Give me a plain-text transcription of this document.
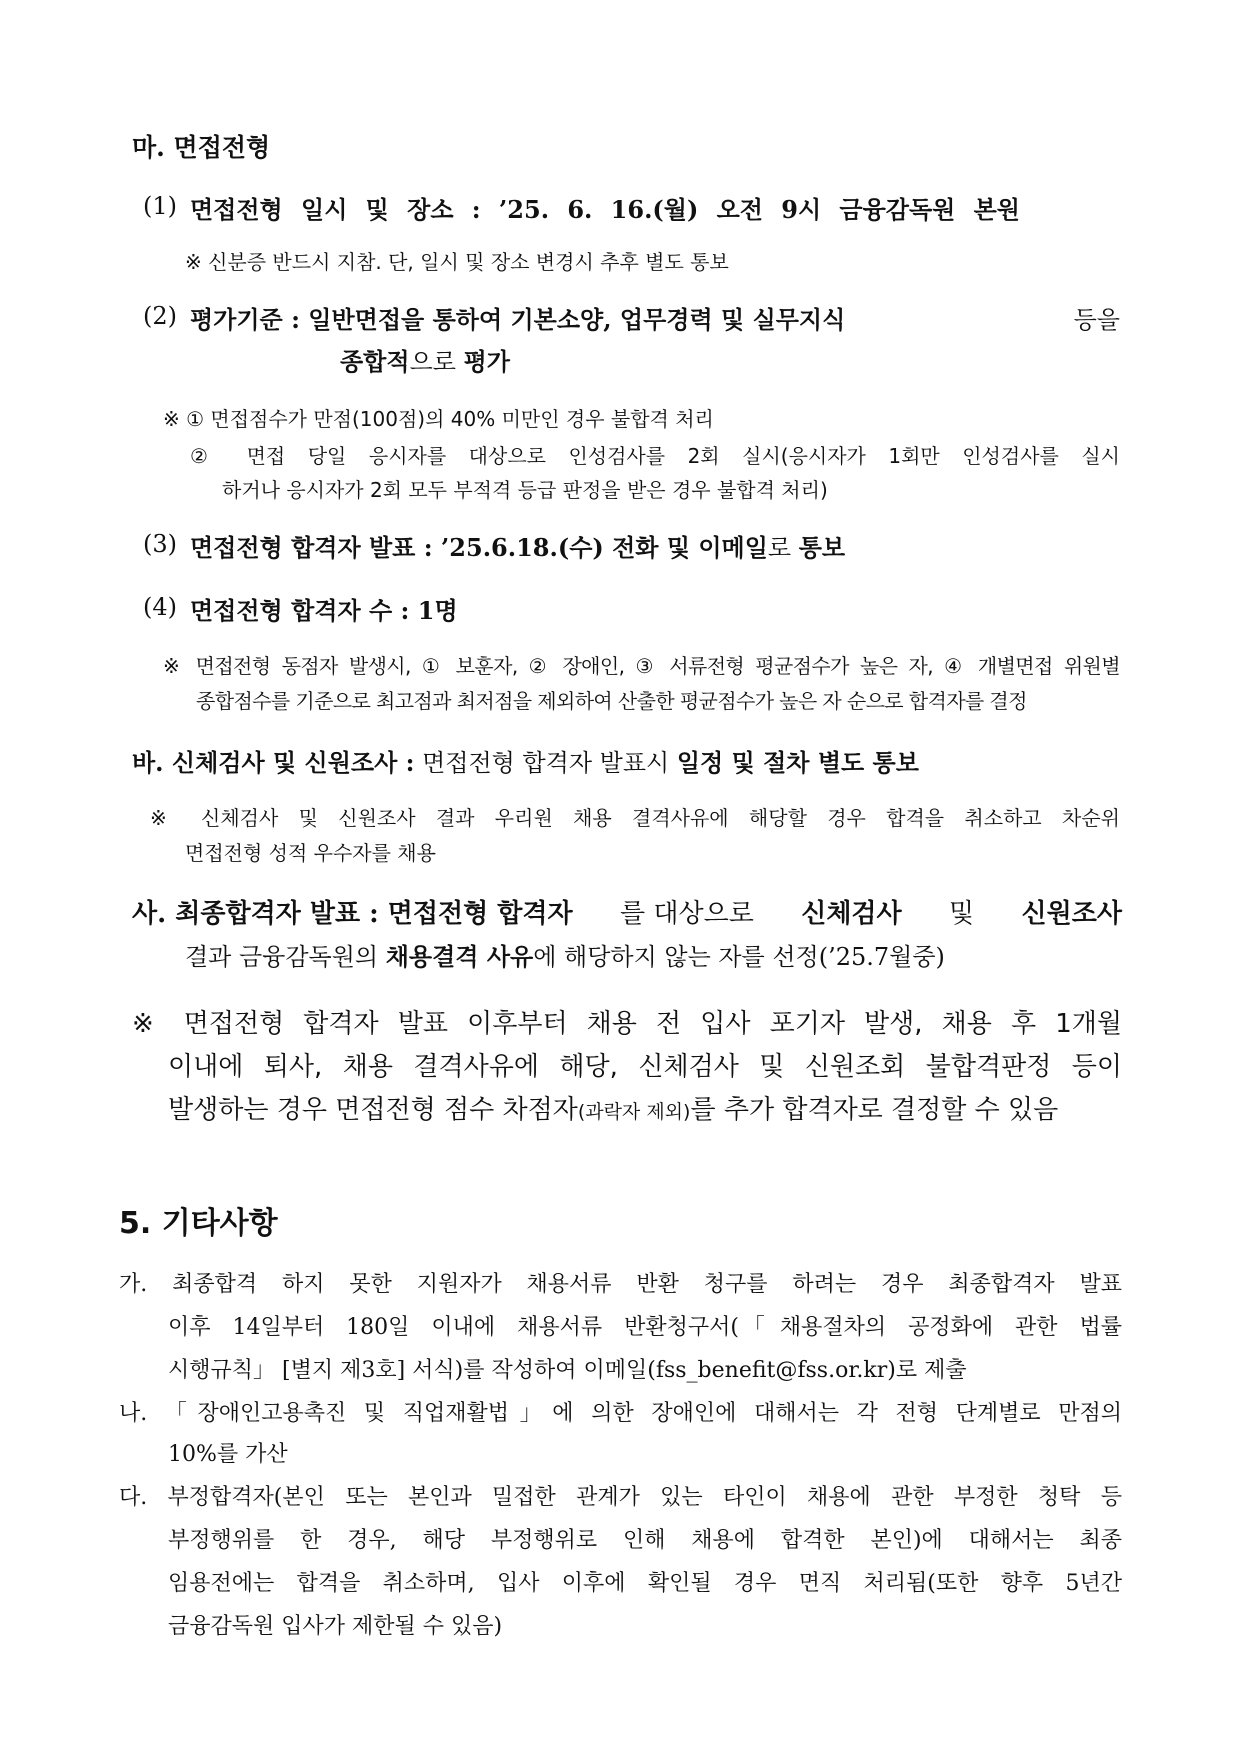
마. 면접전형
(1) 면접전형 일시 및 장소 : ’25. 6. 16.(월) 오전 9시 금융감독원 본원
※ 신분증 반드시 지참. 단, 일시 및 장소 변경시 추후 별도 통보
(2) 평가기준 : 일반면접을 통하여 기본소양, 업무경력 및 실무지식	등을
종합적으로 평가
※ ① 면접점수가 만점(100점)의 40% 미만인 경우 불합격 처리
② 면접 당일 응시자를 대상으로 인성검사를 2회 실시(응시자가 1회만 인성검사를 실시
하거나 응시자가 2회 모두 부적격 등급 판정을 받은 경우 불합격 처리)
(3) 면접전형 합격자 발표 : ’25.6.18.(수) 전화 및 이메일로 통보
(4) 면접전형 합격자 수 : 1명
※ 면접전형 동점자 발생시, ① 보훈자, ② 장애인, ③ 서류전형 평균점수가 높은 자, ④ 개별면접 위원별
종합점수를 기준으로 최고점과 최저점을 제외하여 산출한 평균점수가 높은 자 순으로 합격자를 결정
바. 신체검사 및 신원조사 : 면접전형 합격자 발표시 일정 및 절차 별도 통보
※ 신체검사 및 신원조사 결과 우리원 채용 결격사유에 해당할 경우 합격을 취소하고 차순위
면접전형 성적 우수자를 채용
사. 최종합격자 발표 : 면접전형 합격자 를 대상으로 신체검사 및 신원조사
결과 금융감독원의 채용결격 사유에 해당하지 않는 자를 선정(’25.7월중)
※ 면접전형 합격자 발표 이후부터 채용 전 입사 포기자 발생, 채용 후 1개월
이내에 퇴사, 채용 결격사유에 해당, 신체검사 및 신원조회 불합격판정 등이
발생하는 경우 면접전형 점수 차점자(과락자 제외)를 추가 합격자로 결정할 수 있음
5. 기타사항
가. 최종합격 하지 못한 지원자가 채용서류 반환 청구를 하려는 경우 최종합격자 발표
이후 14일부터 180일 이내에 채용서류 반환청구서(「채용절차의 공정화에 관한 법률
시행규칙」 [별지 제3호] 서식)를 작성하여 이메일(fss_benefit@fss.or.kr)로 제출
나. 「장애인고용촉진 및 직업재활법」에 의한 장애인에 대해서는 각 전형 단계별로 만점의
10%를 가산
다. 부정합격자(본인 또는 본인과 밀접한 관계가 있는 타인이 채용에 관한 부정한 청탁 등
부정행위를 한 경우, 해당 부정행위로 인해 채용에 합격한 본인)에 대해서는 최종
임용전에는 합격을 취소하며, 입사 이후에 확인될 경우 면직 처리됨(또한 향후 5년간
금융감독원 입사가 제한될 수 있음)
